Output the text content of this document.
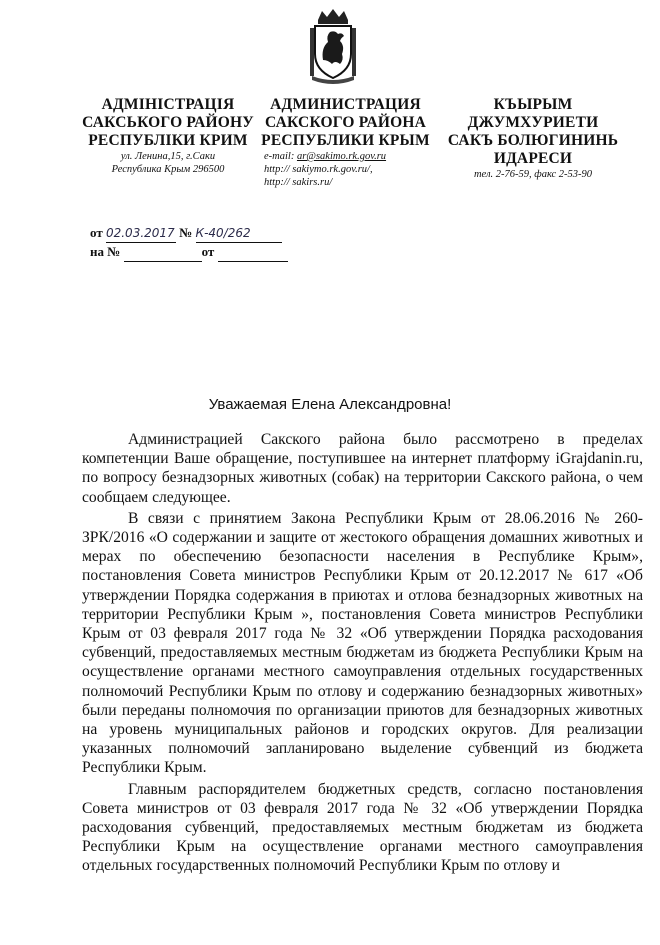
АДМІНІСТРАЦІЯ
САКСЬКОГО РАЙОНУ
РЕСПУБЛІКИ КРИМ
ул. Ленина,15, г.Саки
Республика Крым 296500
АДМИНИСТРАЦИЯ
САКСКОГО РАЙОНА
РЕСПУБЛИКИ КРЫМ
e-mail: ar@sakimo.rk.gov.ru
http:// sakiymo.rk.gov.ru/,
http:// sakirs.ru/
КЪЫРЫМ ДЖУМХУРИЕТИ
САКЪ БОЛЮГИНИНЬ
ИДАРЕСИ
тел. 2-76-59, факс 2-53-90
от 02.03.2017 № К-40/262
на №	от
Уважаемая Елена Александровна!

Администрацией Сакского района было рассмотрено в пределах компетенции Ваше обращение, поступившее на интернет платформу iGrajdanin.ru, по вопросу безнадзорных животных (собак) на территории Сакского района, о чем сообщаем следующее.

В связи с принятием Закона Республики Крым от 28.06.2016 № 260-ЗРК/2016 «О содержании и защите от жестокого обращения домашних животных и мерах по обеспечению безопасности населения в Республике Крым», постановления Совета министров Республики Крым от 20.12.2017 № 617 «Об утверждении Порядка содержания в приютах и отлова безнадзорных животных на территории Республики Крым », постановления Совета министров Республики Крым от 03 февраля 2017 года № 32 «Об утверждении Порядка расходования субвенций, предоставляемых местным бюджетам из бюджета Республики Крым на осуществление органами местного самоуправления отдельных государственных полномочий Республики Крым по отлову и содержанию безнадзорных животных» были переданы полномочия по организации приютов для безнадзорных животных на уровень муниципальных районов и городских округов. Для реализации указанных полномочий запланировано выделение субвенций из бюджета Республики Крым.

Главным распорядителем бюджетных средств, согласно постановления Совета министров от 03 февраля 2017 года № 32 «Об утверждении Порядка расходования субвенций, предоставляемых местным бюджетам из бюджета Республики Крым на осуществление органами местного самоуправления отдельных государственных полномочий Республики Крым по отлову и
